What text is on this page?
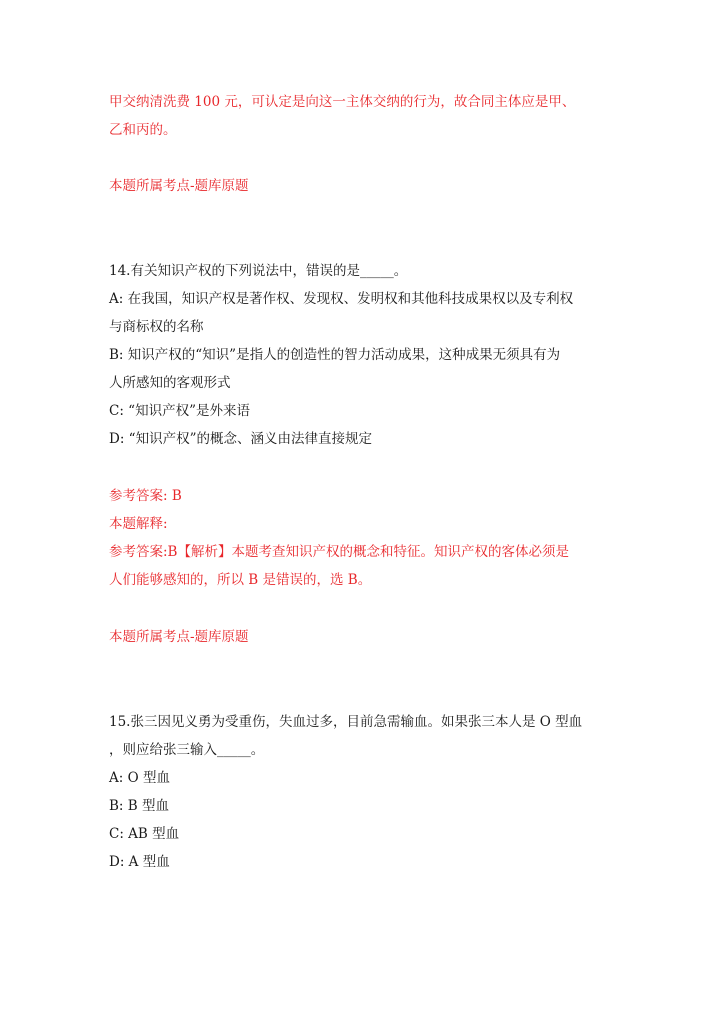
甲交纳清洗费 100 元，可认定是向这一主体交纳的行为，故合同主体应是甲、
乙和丙的。
本题所属考点-题库原题
14.有关知识产权的下列说法中，错误的是_____。
A: 在我国，知识产权是著作权、发现权、发明权和其他科技成果权以及专利权
与商标权的名称
B: 知识产权的“知识”是指人的创造性的智力活动成果，这种成果无须具有为
人所感知的客观形式
C: “知识产权”是外来语
D: “知识产权”的概念、涵义由法律直接规定
参考答案: B
本题解释:
参考答案:B【解析】本题考查知识产权的概念和特征。知识产权的客体必须是
人们能够感知的，所以 B 是错误的，选 B。
本题所属考点-题库原题
15.张三因见义勇为受重伤，失血过多，目前急需输血。如果张三本人是 O 型血
，则应给张三输入_____。
A: O 型血
B: B 型血
C: AB 型血
D: A 型血
